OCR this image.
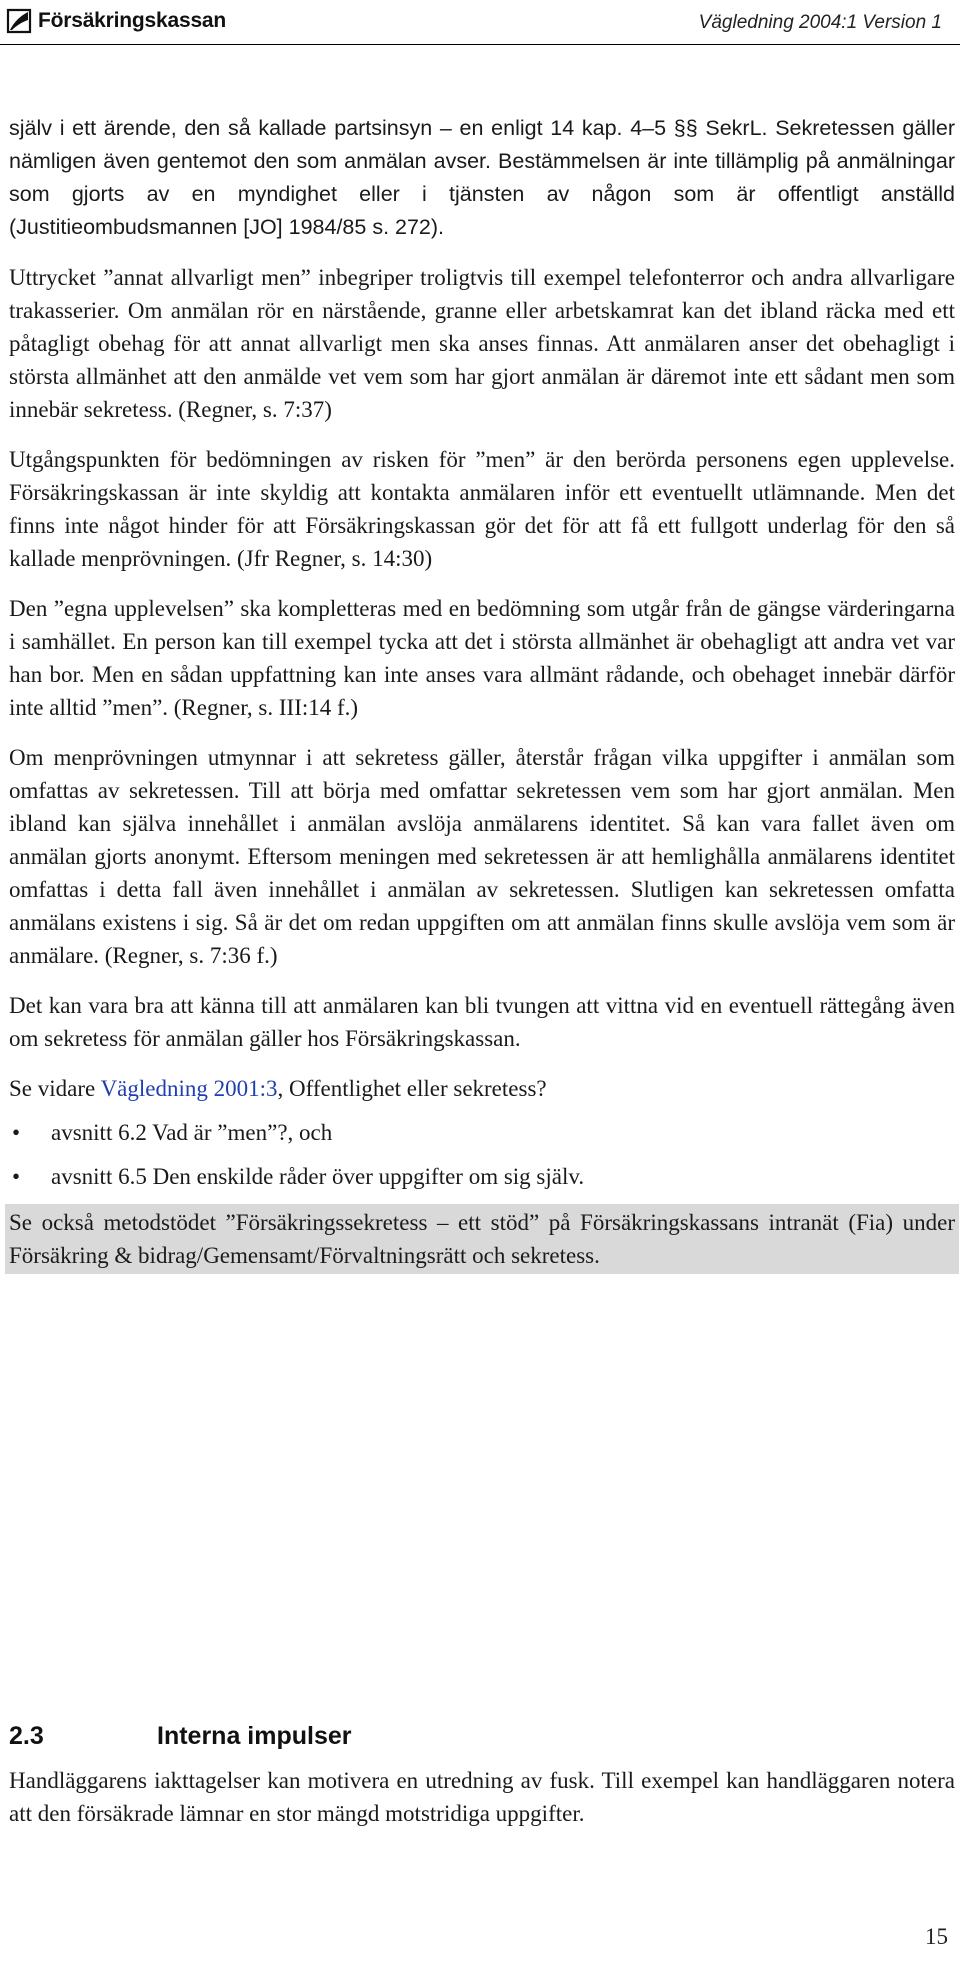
Försäkringskassan	Vägledning 2004:1 Version 1

själv i ett ärende, den så kallade partsinsyn – en enligt 14 kap. 4–5 §§ SekrL. Sekretessen gäller nämligen även gentemot den som anmälan avser. Bestämmelsen är inte tillämplig på anmälningar som gjorts av en myndighet eller i tjänsten av någon som är offentligt anställd (Justitieombudsmannen [JO] 1984/85 s. 272).

Uttrycket ”annat allvarligt men” inbegriper troligtvis till exempel telefonterror och andra allvarligare trakasserier. Om anmälan rör en närstående, granne eller arbetskamrat kan det ibland räcka med ett påtagligt obehag för att annat allvarligt men ska anses finnas. Att anmälaren anser det obehagligt i största allmänhet att den anmälde vet vem som har gjort anmälan är däremot inte ett sådant men som innebär sekretess. (Regner, s. 7:37)

Utgångspunkten för bedömningen av risken för ”men” är den berörda personens egen upplevelse. Försäkringskassan är inte skyldig att kontakta anmälaren inför ett eventuellt utlämnande. Men det finns inte något hinder för att Försäkringskassan gör det för att få ett fullgott underlag för den så kallade menprövningen. (Jfr Regner, s. 14:30)

Den ”egna upplevelsen” ska kompletteras med en bedömning som utgår från de gängse värderingarna i samhället. En person kan till exempel tycka att det i största allmänhet är obehagligt att andra vet var han bor. Men en sådan uppfattning kan inte anses vara allmänt rådande, och obehaget innebär därför inte alltid ”men”. (Regner, s. III:14 f.)

Om menprövningen utmynnar i att sekretess gäller, återstår frågan vilka uppgifter i anmälan som omfattas av sekretessen. Till att börja med omfattar sekretessen vem som har gjort anmälan. Men ibland kan själva innehållet i anmälan avslöja anmälarens identitet. Så kan vara fallet även om anmälan gjorts anonymt. Eftersom meningen med sekretessen är att hemlighålla anmälarens identitet omfattas i detta fall även innehållet i anmälan av sekretessen. Slutligen kan sekretessen omfatta anmälans existens i sig. Så är det om redan uppgiften om att anmälan finns skulle avslöja vem som är anmälare. (Regner, s. 7:36 f.)

Det kan vara bra att känna till att anmälaren kan bli tvungen att vittna vid en eventuell rättegång även om sekretess för anmälan gäller hos Försäkringskassan.

Se vidare Vägledning 2001:3, Offentlighet eller sekretess?

• avsnitt 6.2 Vad är ”men”?, och

• avsnitt 6.5 Den enskilde råder över uppgifter om sig själv.

Se också metodstödet ”Försäkringssekretess – ett stöd” på Försäkringskassans intranät (Fia) under Försäkring & bidrag/Gemensamt/Förvaltningsrätt och sekretess.

2.3	Interna impulser

Handläggarens iakttagelser kan motivera en utredning av fusk. Till exempel kan handläggaren notera att den försäkrade lämnar en stor mängd motstridiga uppgifter.

15
